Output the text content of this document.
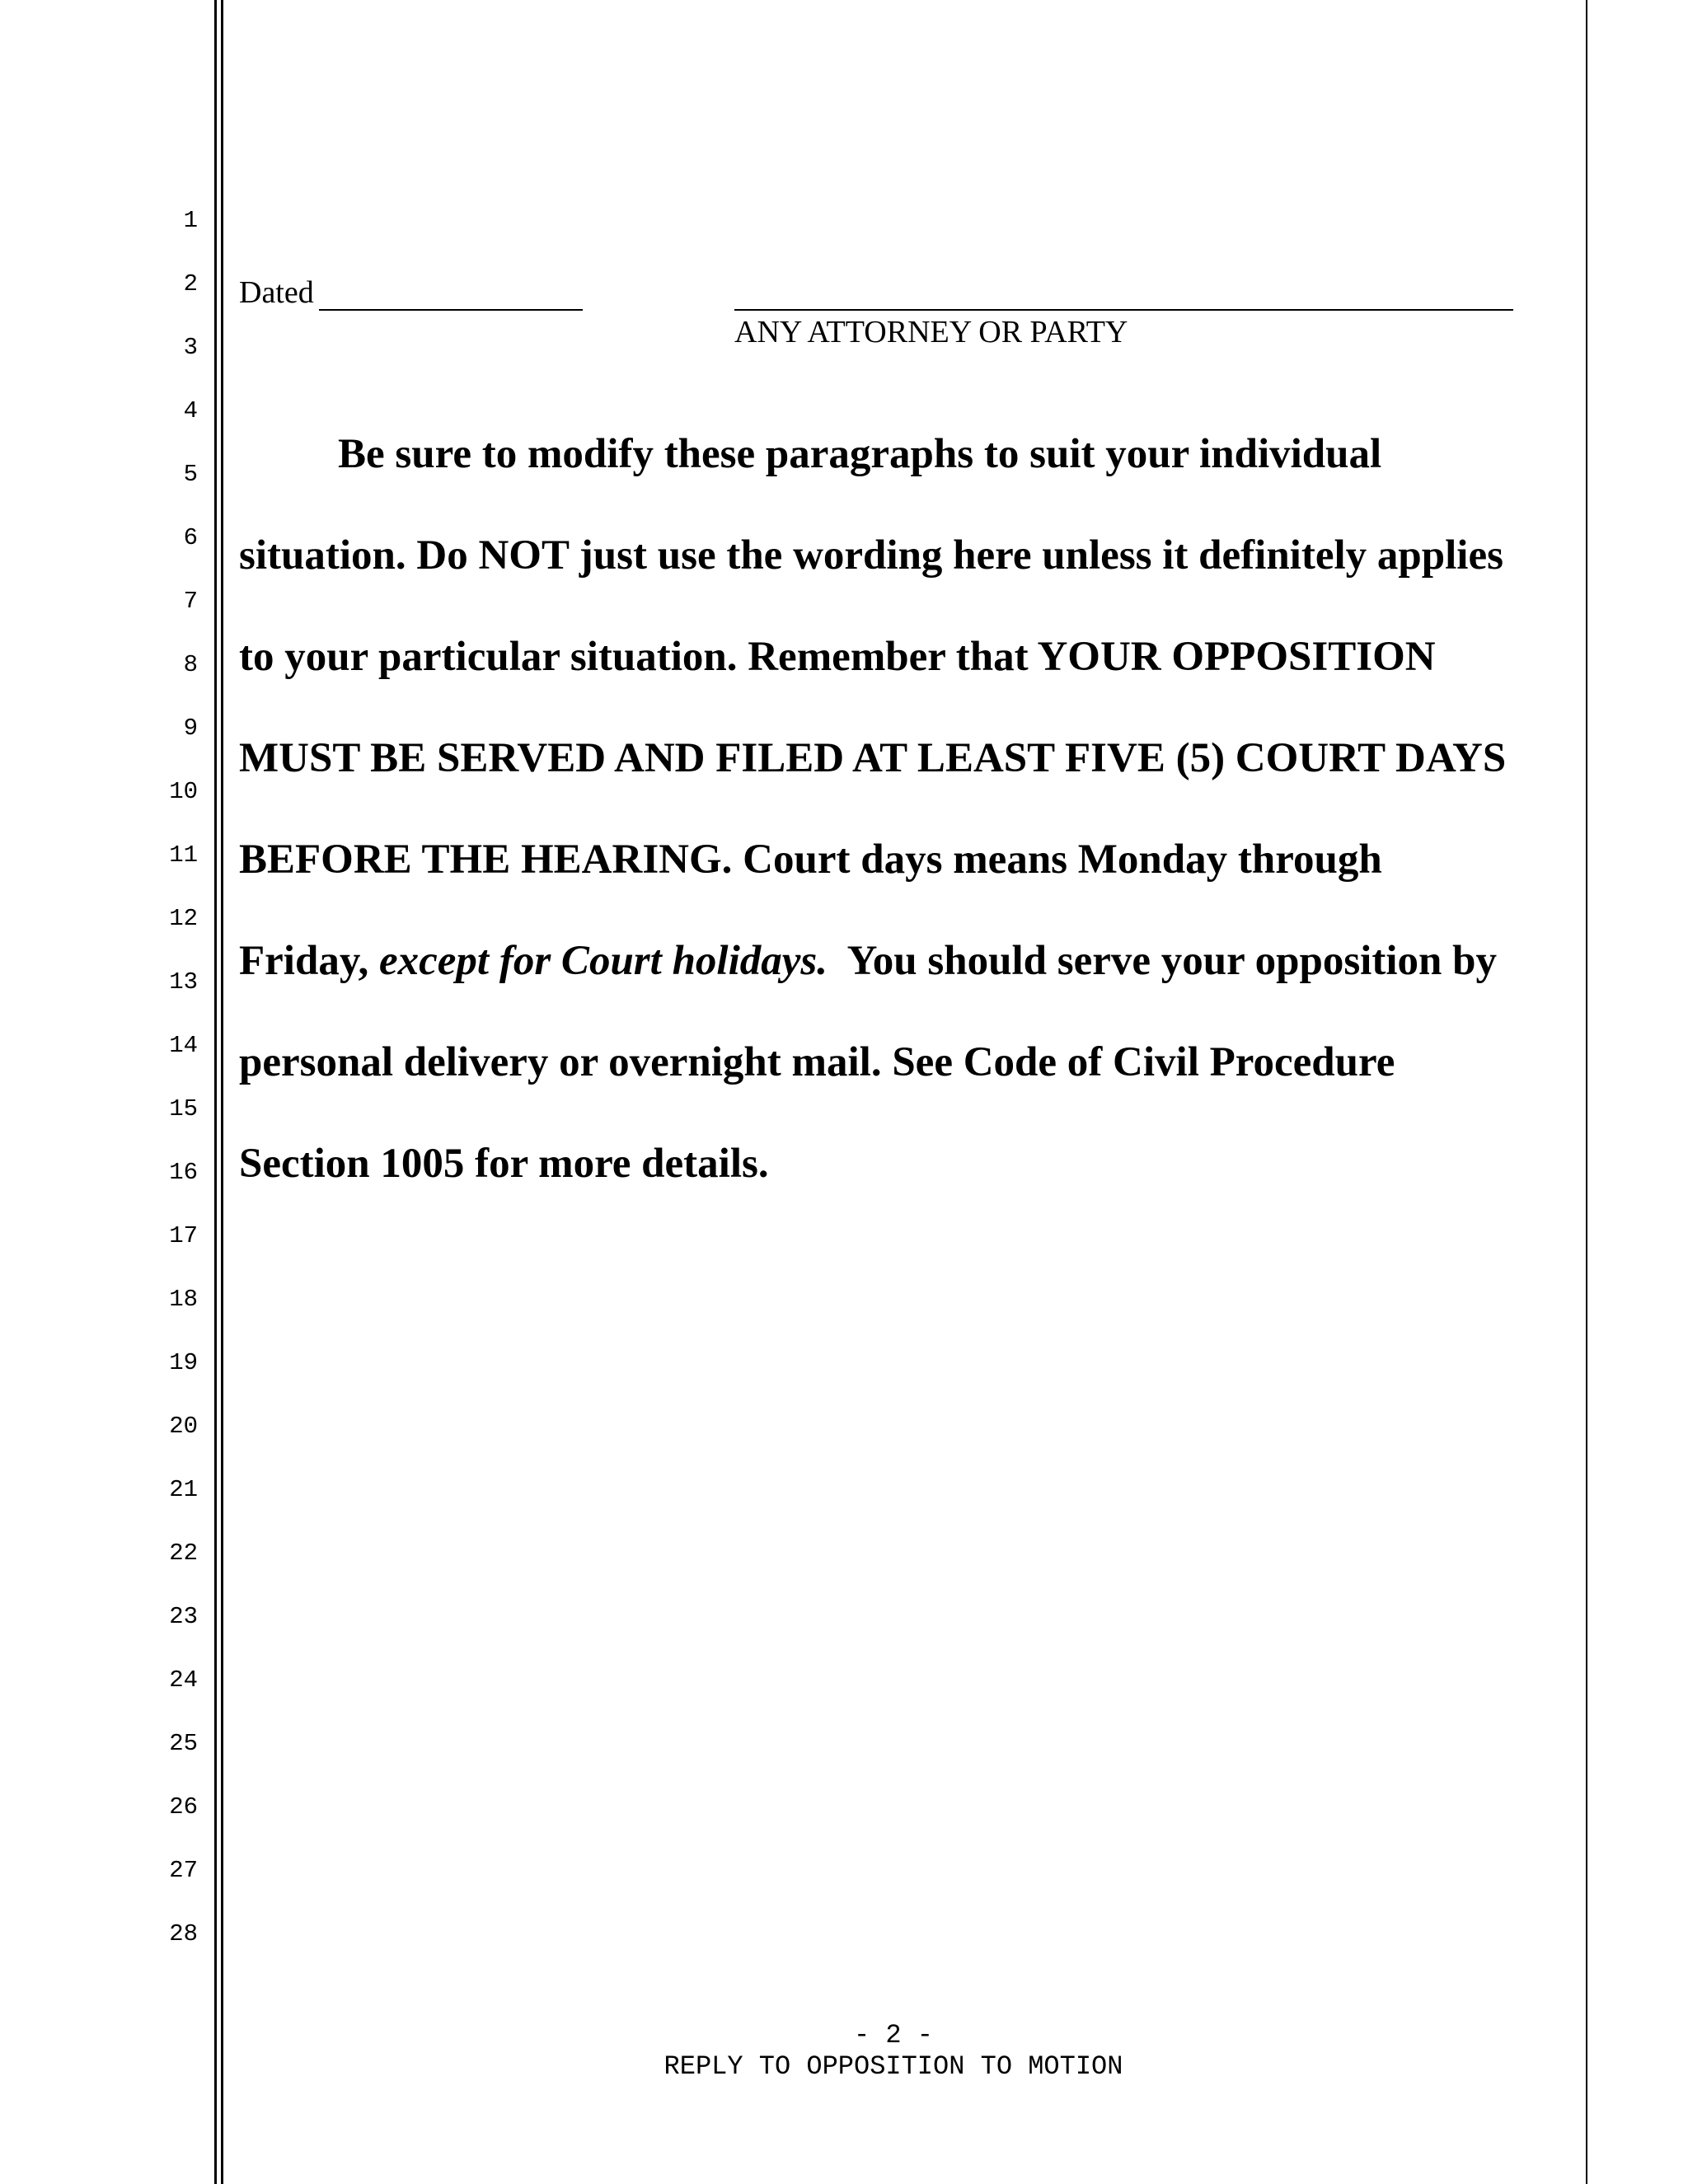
1
2
3
4
5
6
7
8
9
10
11
12
13
14
15
16
17
18
19
20
21
22
23
24
25
26
27
28
Dated
ANY ATTORNEY OR PARTY
Be sure to modify these paragraphs to suit your individual
situation. Do NOT just use the wording here unless it definitely applies
to your particular situation. Remember that YOUR OPPOSITION
MUST BE SERVED AND FILED AT LEAST FIVE (5) COURT DAYS
BEFORE THE HEARING. Court days means Monday through
Friday, except for Court holidays.  You should serve your opposition by
personal delivery or overnight mail. See Code of Civil Procedure
Section 1005 for more details.
- 2 -
REPLY TO OPPOSITION TO MOTION
